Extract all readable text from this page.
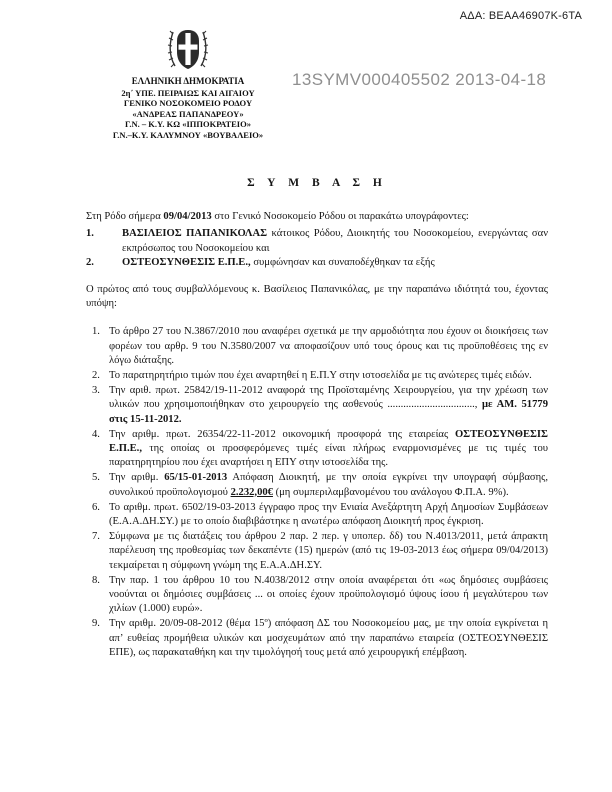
ΑΔΑ: ΒΕΑΑ46907Κ-6ΤΑ
ΕΛΛΗΝΙΚΗ ΔΗΜΟΚΡΑΤΙΑ
2η΄ ΥΠΕ. ΠΕΙΡΑΙΩΣ ΚΑΙ ΑΙΓΑΙΟΥ
ΓΕΝΙΚΟ ΝΟΣΟΚΟΜΕΙΟ ΡΟΔΟΥ
«ΑΝΔΡΕΑΣ ΠΑΠΑΝΔΡΕΟΥ»
Γ.Ν. – Κ.Υ. ΚΩ «ΙΠΠΟΚΡΑΤΕΙΟ»
Γ.Ν.–Κ.Υ. ΚΑΛΥΜΝΟΥ «ΒΟΥΒΑΛΕΙΟ»
13SYMV000405502 2013-04-18
Σ Υ Μ Β Α Σ Η

Στη Ρόδο σήμερα 09/04/2013 στο Γενικό Νοσοκομείο Ρόδου οι παρακάτω υπογράφοντες:

1.	ΒΑΣΙΛΕΙΟΣ ΠΑΠΑΝΙΚΟΛΑΣ κάτοικος Ρόδου, Διοικητής του Νοσοκομείου, ενεργώντας σαν εκπρόσωπος του Νοσοκομείου και
2.	ΟΣΤΕΟΣΥΝΘΕΣΙΣ Ε.Π.Ε., συμφώνησαν και συναποδέχθηκαν τα εξής

Ο πρώτος από τους συμβαλλόμενους κ. Βασίλειος Παπανικόλας, με την παραπάνω ιδιότητά του, έχοντας υπόψη:

1. Το άρθρο 27 του Ν.3867/2010 που αναφέρει σχετικά με την αρμοδιότητα που έχουν οι διοικήσεις των φορέων του αρθρ. 9 του Ν.3580/2007 να αποφασίζουν υπό τους όρους και τις προϋποθέσεις της εν λόγω διάταξης.
2. Το παρατηρητήριο τιμών που έχει αναρτηθεί η Ε.Π.Υ στην ιστοσελίδα με τις ανώτερες τιμές ειδών.
3. Την αριθ. πρωτ. 25842/19-11-2012 αναφορά της Προϊσταμένης Χειρουργείου, για την χρέωση των υλικών που χρησιμοποιήθηκαν στο χειρουργείο της ασθενούς ................................., με ΑΜ. 51779 στις 15-11-2012.
4. Την αριθμ. πρωτ. 26354/22-11-2012 οικονομική προσφορά της εταιρείας ΟΣΤΕΟΣΥΝΘΕΣΙΣ Ε.Π.Ε., της οποίας οι προσφερόμενες τιμές είναι πλήρως εναρμονισμένες με τις τιμές του παρατηρητηρίου που έχει αναρτήσει η ΕΠΥ στην ιστοσελίδα της.
5. Την αριθμ. 65/15-01-2013 Απόφαση Διοικητή, με την οποία εγκρίνει την υπογραφή σύμβασης, συνολικού προϋπολογισμού 2.232,00€ (μη συμπεριλαμβανομένου του ανάλογου Φ.Π.Α. 9%).
6. Το αριθμ. πρωτ. 6502/19-03-2013 έγγραφο προς την Ενιαία Ανεξάρτητη Αρχή Δημοσίων Συμβάσεων (Ε.Α.Α.ΔΗ.ΣΥ.) με το οποίο διαβιβάστηκε η ανωτέρω απόφαση Διοικητή προς έγκριση.
7. Σύμφωνα με τις διατάξεις του άρθρου 2 παρ. 2 περ. γ υποπερ. δδ) του Ν.4013/2011, μετά άπρακτη παρέλευση της προθεσμίας των δεκαπέντε (15) ημερών (από τις 19-03-2013 έως σήμερα 09/04/2013) τεκμαίρεται η σύμφωνη γνώμη της Ε.Α.Α.ΔΗ.ΣΥ.
8. Την παρ. 1 του άρθρου 10 του Ν.4038/2012 στην οποία αναφέρεται ότι «ως δημόσιες συμβάσεις νοούνται οι δημόσιες συμβάσεις ... οι οποίες έχουν προϋπολογισμό ύψους ίσου ή μεγαλύτερου των χιλίων (1.000) ευρώ».
9. Την αριθμ. 20/09-08-2012 (θέμα 15º) απόφαση ΔΣ του Νοσοκομείου μας, με την οποία εγκρίνεται η απ’ ευθείας προμήθεια υλικών και μοσχευμάτων από την παραπάνω εταιρεία (ΟΣΤΕΟΣΥΝΘΕΣΙΣ ΕΠΕ), ως παρακαταθήκη και την τιμολόγησή τους μετά από χειρουργική επέμβαση.
